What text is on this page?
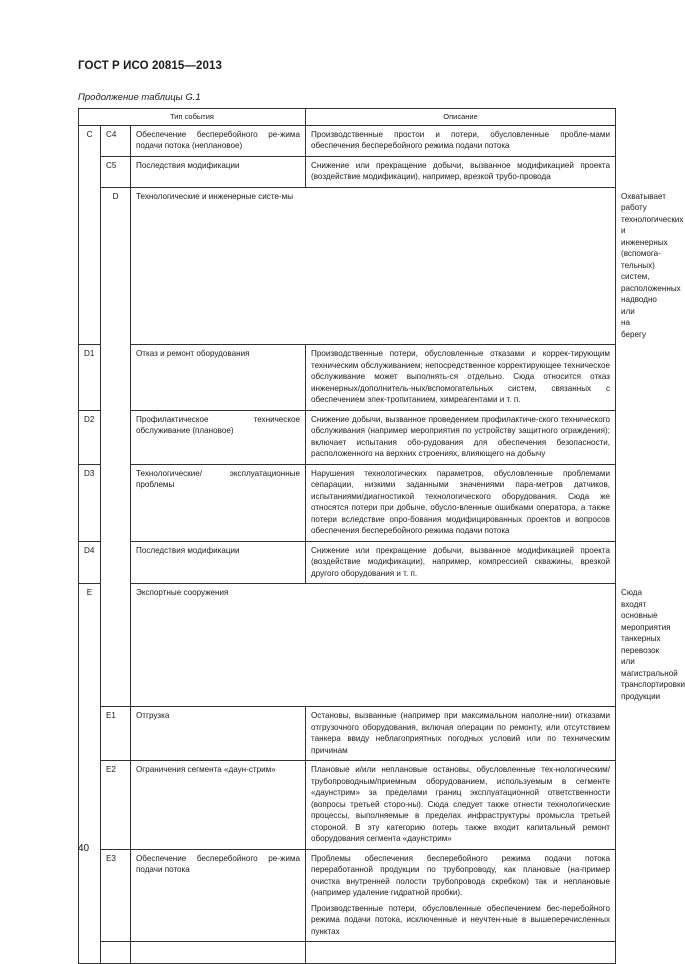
ГОСТ Р ИСО 20815—2013
Продолжение таблицы G.1
Тип события			Описание	
C	C4	Обеспечение бесперебойного ре-жима подачи потока (неплановое)	Производственные простои и потери, обусловленные пробле-мами обеспечения бесперебойного режима подачи потока	

	C5	Последствия модификации	Снижение или прекращение добычи, вызванное модификацией проекта (воздействие модификации), например, врезкой трубо-провода	

	D	Технологические и инженерные систе-мы		Охватывает работу технологических и инженерных (вспомога-тельных) систем, расположенных надводно или на берегу

D1		Отказ и ремонт оборудования	Производственные потери, обусловленные отказами и коррек-тирующим техническим обслуживанием; непосредственное корректирующее техническое обслуживание может выполнять-ся отдельно. Сюда относится отказ инженерных/дополнитель-ных/вспомогательных систем, связанных с обеспечением элек-тропитанием, химреагентами и т. п.	

D2		Профилактическое техническое обслуживание (плановое)	Снижение добычи, вызванное проведением профилактиче-ского технического обслуживания (например мероприятия по устройству защитного ограждения); включает испытания обо-рудования для обеспечения безопасности, расположенного на верхних строениях, влияющего на добычу	

D3		Технологические/ эксплуатационные проблемы	Нарушения технологических параметров, обусловленные проблемами сепарации, низкими заданными значениями пара-метров датчиков, испытаниями/диагностикой технологического оборудования. Сюда же относятся потери при добыче, обусло-вленные ошибками оператора, а также потери вследствие опро-бования модифицированных проектов и вопросов обеспечения бесперебойного режима подачи потока	

D4		Последствия модификации	Снижение или прекращение добычи, вызванное модификацией проекта (воздействие модификации), например, компрессией скважины, врезкой другого оборудования и т. п.	

E		Экспортные сооружения		Сюда входят основные мероприятия танкерных перевозок или магистральной транспортировки продукции

	E1	Отгрузка	Остановы, вызванные (например при максимальном наполне-нии) отказами отгрузочного оборудования, включая операции по ремонту, или отсутствием танкера ввиду неблагоприятных погодных условий или по техническим причинам	

	E2	Ограничения сегмента «даун-стрим»	Плановые и/или неплановые остановы, обусловленные тех-нологическим/трубопроводным/приемным оборудованием, используемым в сегменте «даунстрим» за пределами границ эксплуатационной ответственности (вопросы третьей сторо-ны). Сюда следует также отнести технологические процессы, выполняемые в пределах инфраструктуры промысла третьей стороной. В эту категорию потерь также входит капитальный ремонт оборудования сегмента «даунстрим»	

	E3	Обеспечение бесперебойного ре-жима подачи потока	Проблемы обеспечения бесперебойного режима подачи потока переработанной продукции по трубопроводу, как плановые (на-пример очистка внутренней полости трубопровода скребком) так и неплановые (например удаление гидратной пробки).

Производственные потери, обусловленные обеспечением бес-перебойного режима подачи потока, исключенные и неучтен-ные в вышеперечисленных пунктах	

40
